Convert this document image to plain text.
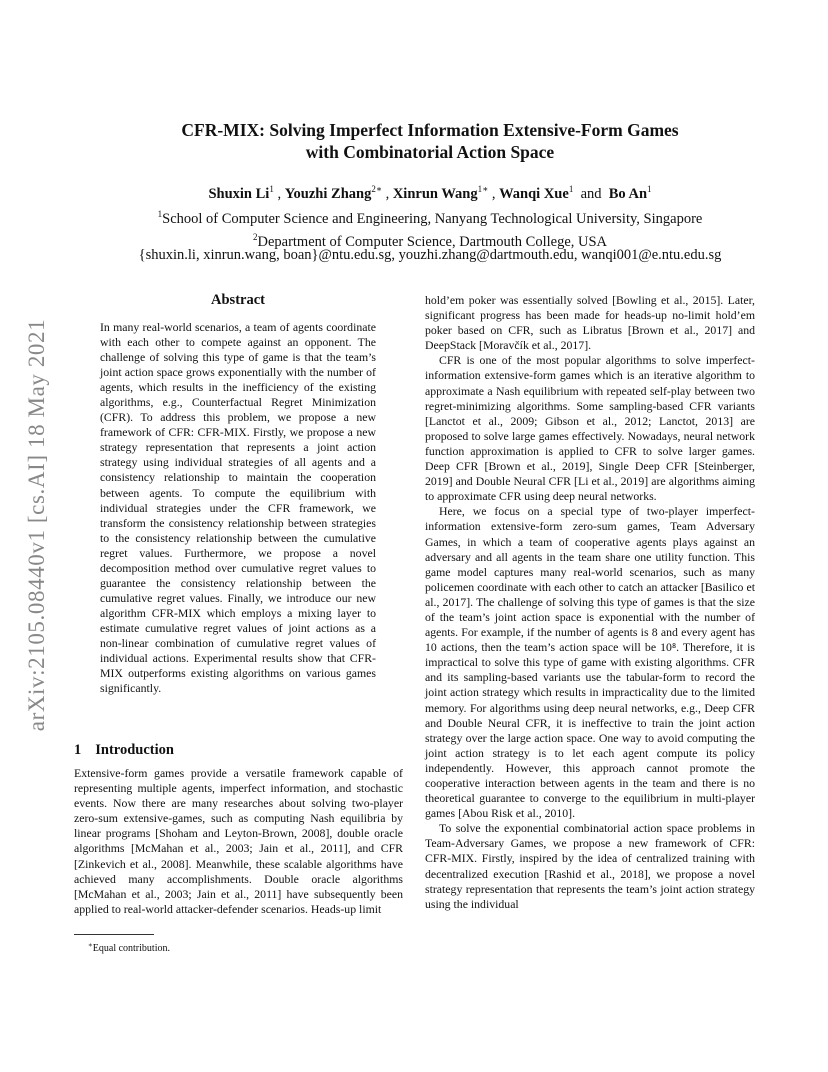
arXiv:2105.08440v1 [cs.AI] 18 May 2021
CFR-MIX: Solving Imperfect Information Extensive-Form Games
with Combinatorial Action Space
Shuxin Li$^1$ , Youzhi Zhang$^{2∗}$ , Xinrun Wang$^{1∗}$ , Wanqi Xue$^1$ and Bo An$^1$
$^1$School of Computer Science and Engineering, Nanyang Technological University, Singapore
$^2$Department of Computer Science, Dartmouth College, USA
{shuxin.li, xinrun.wang, boan}@ntu.edu.sg, youzhi.zhang@dartmouth.edu, wanqi001@e.ntu.edu.sg
Abstract
In many real-world scenarios, a team of agents coordinate with each other to compete against an opponent. The challenge of solving this type of game is that the team’s joint action space grows exponentially with the number of agents, which results in the inefficiency of the existing algorithms, e.g., Counterfactual Regret Minimization (CFR). To address this problem, we propose a new framework of CFR: CFR-MIX. Firstly, we propose a new strategy representation that represents a joint action strategy using individual strategies of all agents and a consistency relationship to maintain the cooperation between agents. To compute the equilibrium with individual strategies under the CFR framework, we transform the consistency relationship between strategies to the consistency relationship between the cumulative regret values. Furthermore, we propose a novel decomposition method over cumulative regret values to guarantee the consistency relationship between the cumulative regret values. Finally, we introduce our new algorithm CFR-MIX which employs a mixing layer to estimate cumulative regret values of joint actions as a non-linear combination of cumulative regret values of individual actions. Experimental results show that CFR-MIX outperforms existing algorithms on various games significantly.
1 Introduction
Extensive-form games provide a versatile framework capable of representing multiple agents, imperfect information, and stochastic events. Now there are many researches about solving two-player zero-sum extensive-games, such as computing Nash equilibria by linear programs [Shoham and Leyton-Brown, 2008], double oracle algorithms [McMahan et al., 2003; Jain et al., 2011], and CFR [Zinkevich et al., 2008]. Meanwhile, these scalable algorithms have achieved many accomplishments. Double oracle algorithms [McMahan et al., 2003; Jain et al., 2011] have subsequently been applied to real-world attacker-defender scenarios. Heads-up limit
∗Equal contribution.

hold’em poker was essentially solved [Bowling et al., 2015]. Later, significant progress has been made for heads-up no-limit hold’em poker based on CFR, such as Libratus [Brown et al., 2017] and DeepStack [Moravčík et al., 2017].

CFR is one of the most popular algorithms to solve imperfect-information extensive-form games which is an iterative algorithm to approximate a Nash equilibrium with repeated self-play between two regret-minimizing algorithms. Some sampling-based CFR variants [Lanctot et al., 2009; Gibson et al., 2012; Lanctot, 2013] are proposed to solve large games effectively. Nowadays, neural network function approximation is applied to CFR to solve larger games. Deep CFR [Brown et al., 2019], Single Deep CFR [Steinberger, 2019] and Double Neural CFR [Li et al., 2019] are algorithms aiming to approximate CFR using deep neural networks.

Here, we focus on a special type of two-player imperfect-information extensive-form zero-sum games, Team Adversary Games, in which a team of cooperative agents plays against an adversary and all agents in the team share one utility function. This game model captures many real-world scenarios, such as many policemen coordinate with each other to catch an attacker [Basilico et al., 2017]. The challenge of solving this type of games is that the size of the team’s joint action space is exponential with the number of agents. For example, if the number of agents is 8 and every agent has 10 actions, then the team’s action space will be 10⁸. Therefore, it is impractical to solve this type of game with existing algorithms. CFR and its sampling-based variants use the tabular-form to record the joint action strategy which results in impracticality due to the limited memory. For algorithms using deep neural networks, e.g., Deep CFR and Double Neural CFR, it is ineffective to train the joint action strategy over the large action space. One way to avoid computing the joint action strategy is to let each agent compute its policy independently. However, this approach cannot promote the cooperative interaction between agents in the team and there is no theoretical guarantee to converge to the equilibrium in multi-player games [Abou Risk et al., 2010].

To solve the exponential combinatorial action space problems in Team-Adversary Games, we propose a new framework of CFR: CFR-MIX. Firstly, inspired by the idea of centralized training with decentralized execution [Rashid et al., 2018], we propose a novel strategy representation that represents the team’s joint action strategy using the individual
